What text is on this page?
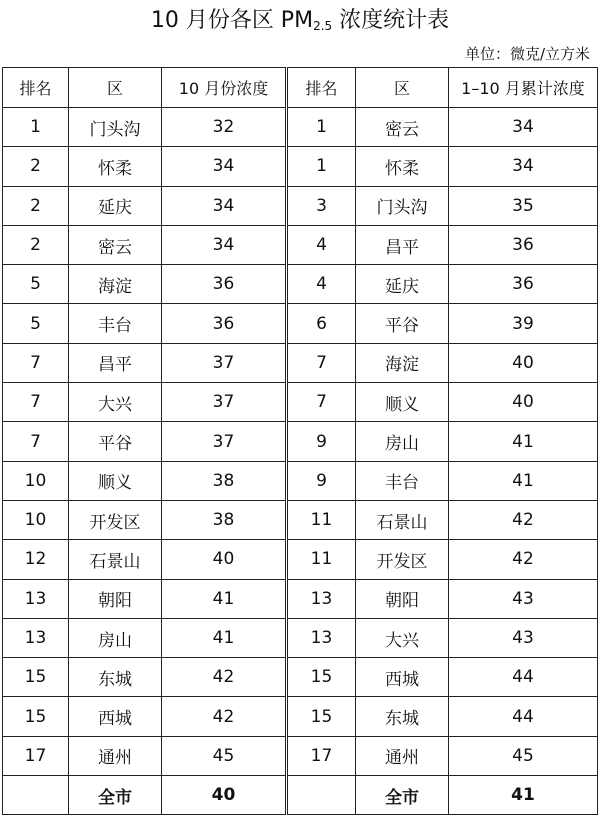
10 月份各区 PM2.5 浓度统计表
单位：微克/立方米
排名	区	10 月份浓度	排名	区	1–10 月累计浓度
1	门头沟	32	1	密云	34
2	怀柔	34	1	怀柔	34
2	延庆	34	3	门头沟	35
2	密云	34	4	昌平	36
5	海淀	36	4	延庆	36
5	丰台	36	6	平谷	39
7	昌平	37	7	海淀	40
7	大兴	37	7	顺义	40
7	平谷	37	9	房山	41
10	顺义	38	9	丰台	41
10	开发区	38	11	石景山	42
12	石景山	40	11	开发区	42
13	朝阳	41	13	朝阳	43
13	房山	41	13	大兴	43
15	东城	42	15	西城	44
15	西城	42	15	东城	44
17	通州	45	17	通州	45
	全市	40		全市	41
